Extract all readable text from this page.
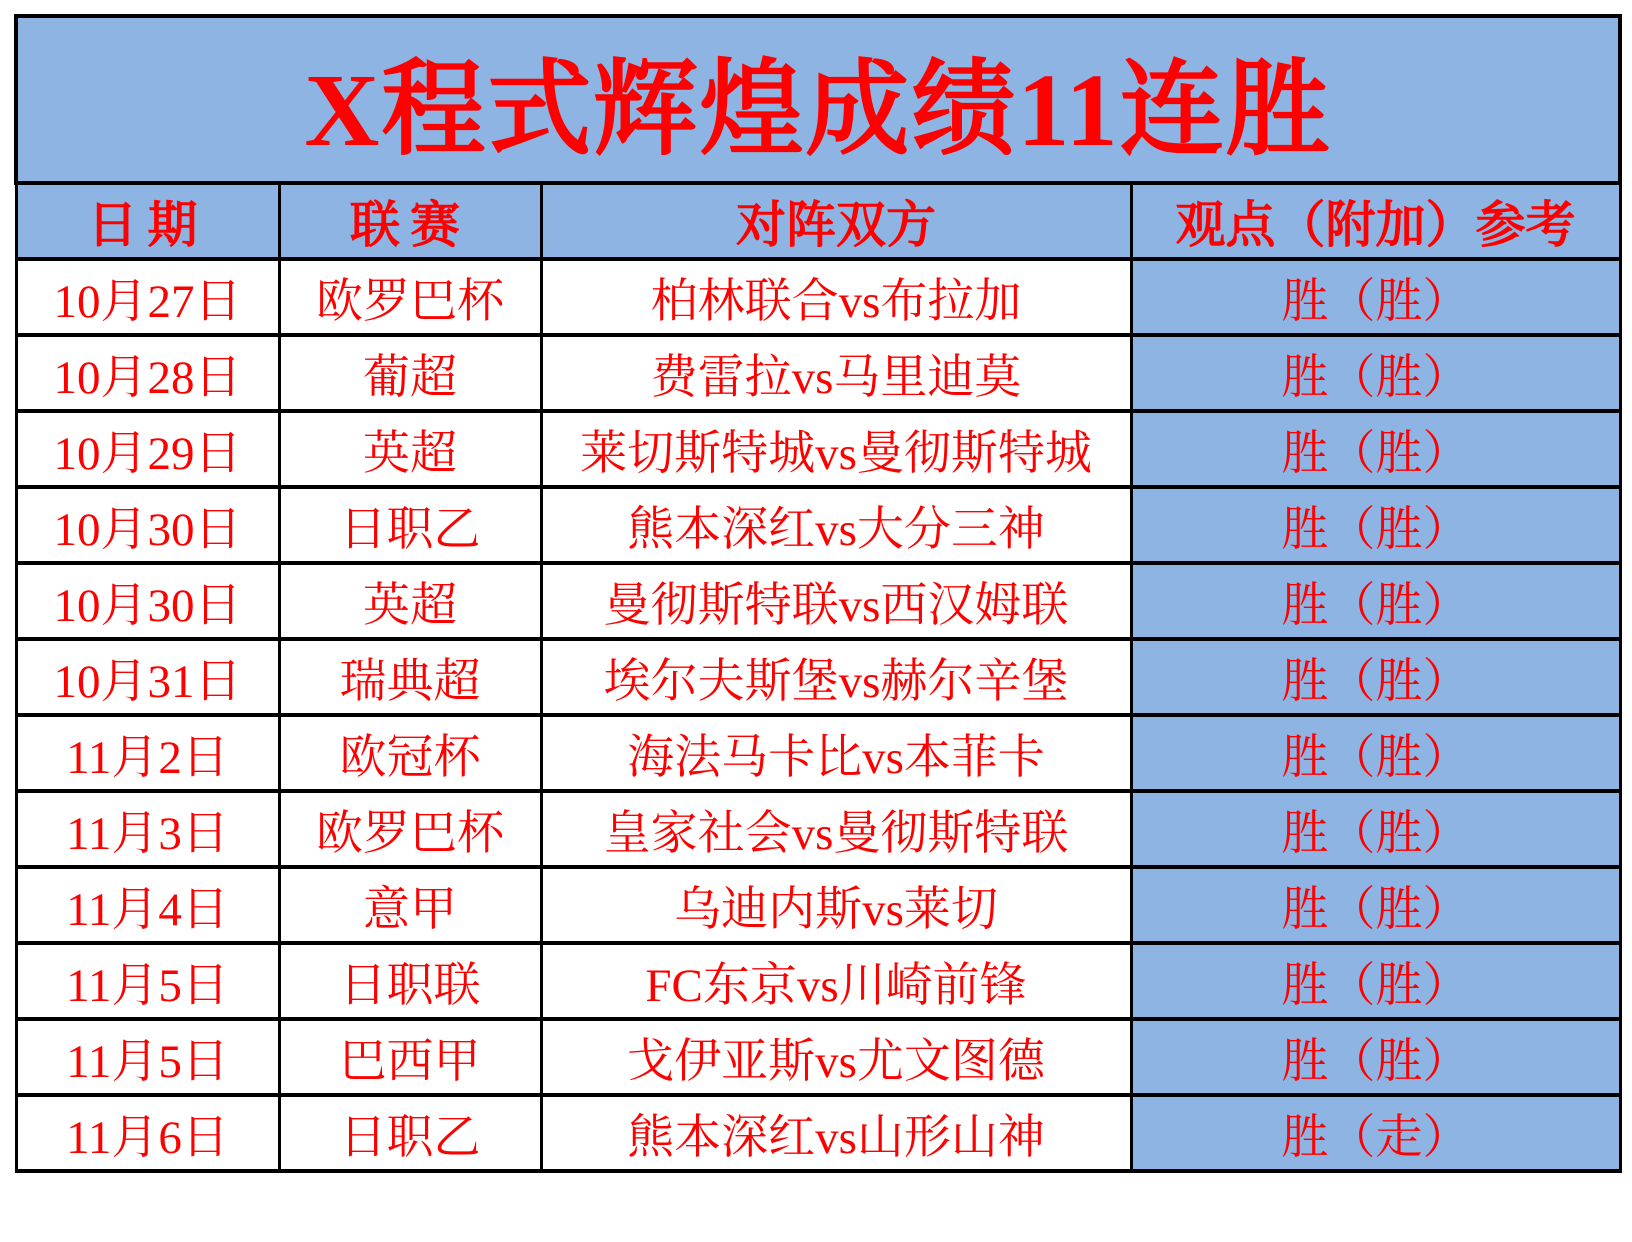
X程式辉煌成绩11连胜			
日期	联赛	对阵双方	观点（附加）参考
10月27日	欧罗巴杯	柏林联合vs布拉加	胜（胜）
10月28日	葡超	费雷拉vs马里迪莫	胜（胜）
10月29日	英超	莱切斯特城vs曼彻斯特城	胜（胜）
10月30日	日职乙	熊本深红vs大分三神	胜（胜）
10月30日	英超	曼彻斯特联vs西汉姆联	胜（胜）
10月31日	瑞典超	埃尔夫斯堡vs赫尔辛堡	胜（胜）
11月2日	欧冠杯	海法马卡比vs本菲卡	胜（胜）
11月3日	欧罗巴杯	皇家社会vs曼彻斯特联	胜（胜）
11月4日	意甲	乌迪内斯vs莱切	胜（胜）
11月5日	日职联	FC东京vs川崎前锋	胜（胜）
11月5日	巴西甲	戈伊亚斯vs尤文图德	胜（胜）
11月6日	日职乙	熊本深红vs山形山神	胜（走）
